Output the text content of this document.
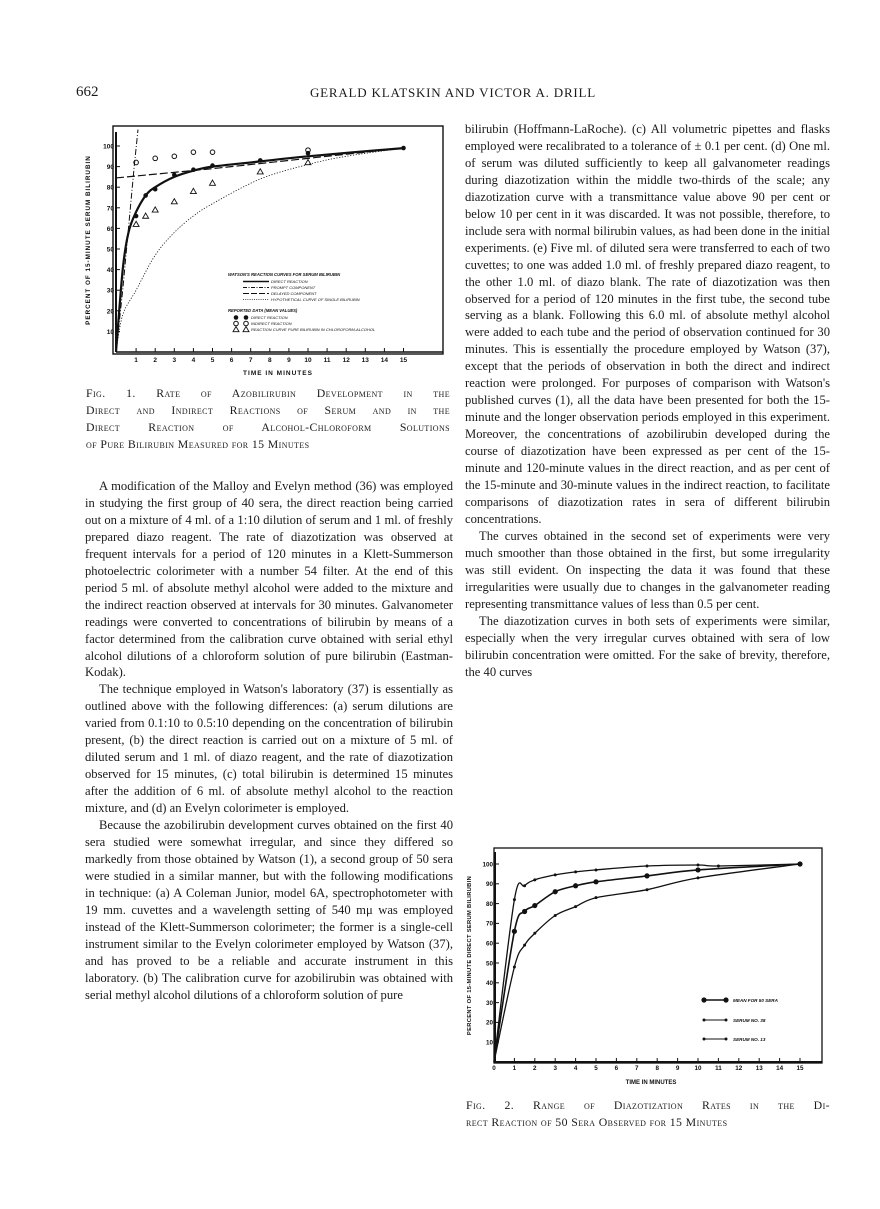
662	GERALD KLATSKIN AND VICTOR A. DRILL
10
20
30
40
50
60
70
80
90
100
1 2 3 4 5 6 7 8 9 10 11 12 13 14 15
TIME IN MINUTES
PERCENT OF 15-MINUTE SERUM BILIRUBIN	WATSON'S REACTION CURVES FOR SERUM BILIRUBIN
DIRECT REACTION
PROMPT COMPONENT
DELAYED COMPONENT
HYPOTHETICAL CURVE OF SINGLE BILIRUBIN
REPORTED DATA (MEAN VALUES)
DIRECT REACTION
INDIRECT REACTION
REACTION CURVE PURE BILIRUBIN IN CHLOROFORM-ALCOHOL
Fig. 1. Rate of Azobilirubin Development in the
Direct and Indirect Reactions of Serum and in the
Direct Reaction of Alcohol-Chloroform Solutions
of Pure Bilirubin Measured for 15 Minutes

A modification of the Malloy and Evelyn method (36) was employed in studying the first group of 40 sera, the direct reaction being carried out on a mixture of 4 ml. of a 1:10 dilution of serum and 1 ml. of freshly prepared diazo reagent. The rate of diazotization was observed at frequent intervals for a period of 120 minutes in a Klett-Summerson photoelectric colorimeter with a number 54 filter. At the end of this period 5 ml. of absolute methyl alcohol were added to the mixture and the indirect reaction observed at intervals for 30 minutes. Galvanometer readings were converted to concentrations of bilirubin by means of a factor determined from the calibration curve obtained with serial ethyl alcohol dilutions of a chloroform solution of pure bilirubin (Eastman-Kodak).

The technique employed in Watson's laboratory (37) is essentially as outlined above with the following differences: (a) serum dilutions are varied from 0.1:10 to 0.5:10 depending on the concentration of bilirubin present, (b) the direct reaction is carried out on a mixture of 5 ml. of diluted serum and 1 ml. of diazo reagent, and the rate of diazotization observed for 15 minutes, (c) total bilirubin is determined 15 minutes after the addition of 6 ml. of absolute methyl alcohol to the reaction mixture, and (d) an Evelyn colorimeter is employed.

Because the azobilirubin development curves obtained on the first 40 sera studied were somewhat irregular, and since they differed so markedly from those obtained by Watson (1), a second group of 50 sera were studied in a similar manner, but with the following modifications in technique: (a) A Coleman Junior, model 6A, spectrophotometer with 19 mm. cuvettes and a wavelength setting of 540 mμ was employed instead of the Klett-Summerson colorimeter; the former is a single-cell instrument similar to the Evelyn colorimeter employed by Watson (37), and has proved to be a reliable and accurate instrument in this laboratory. (b) The calibration curve for azobilirubin was obtained with serial methyl alcohol dilutions of a chloroform solution of pure

bilirubin (Hoffmann-LaRoche). (c) All volumetric pipettes and flasks employed were recalibrated to a tolerance of ± 0.1 per cent. (d) One ml. of serum was diluted sufficiently to keep all galvanometer readings during diazotization within the middle two-thirds of the scale; any diazotization curve with a transmittance value above 90 per cent or below 10 per cent in it was discarded. It was not possible, therefore, to include sera with normal bilirubin values, as had been done in the initial experiments. (e) Five ml. of diluted sera were transferred to each of two cuvettes; to one was added 1.0 ml. of freshly prepared diazo reagent, to the other 1.0 ml. of diazo blank. The rate of diazotization was then observed for a period of 120 minutes in the first tube, the second tube serving as a blank. Following this 6.0 ml. of absolute methyl alcohol were added to each tube and the period of observation continued for 30 minutes. This is essentially the procedure employed by Watson (37), except that the periods of observation in both the direct and indirect reaction were prolonged. For purposes of comparison with Watson's published curves (1), all the data have been presented for both the 15-minute and the longer observation periods employed in this experiment. Moreover, the concentrations of azobilirubin developed during the course of diazotization have been expressed as per cent of the 15-minute and 120-minute values in the direct reaction, and as per cent of the 15-minute and 30-minute values in the indirect reaction, to facilitate comparisons of diazotization rates in sera of different bilirubin concentrations.

The curves obtained in the second set of experiments were very much smoother than those obtained in the first, but some irregularity was still evident. On inspecting the data it was found that these irregularities were usually due to changes in the galvanometer reading representing transmittance values of less than 0.5 per cent.

The diazotization curves in both sets of experiments were similar, especially when the very irregular curves obtained with sera of low bilirubin concentration were omitted. For the sake of brevity, therefore, the 40 curves

10
20
30
40
50
60
70
80
90
100
0	1	2	3	4	5	6	7	8	9 10 11 12 13 14 15
TIME IN MINUTES
PERCENT OF 15-MINUTE DIRECT SERUM BILIRUBIN	MEAN FOR 50 SERA
SERUM NO. 38
SERUM NO. 13
Fig. 2. Range of Diazotization Rates in the Di-
rect Reaction of 50 Sera Observed for 15 Minutes
